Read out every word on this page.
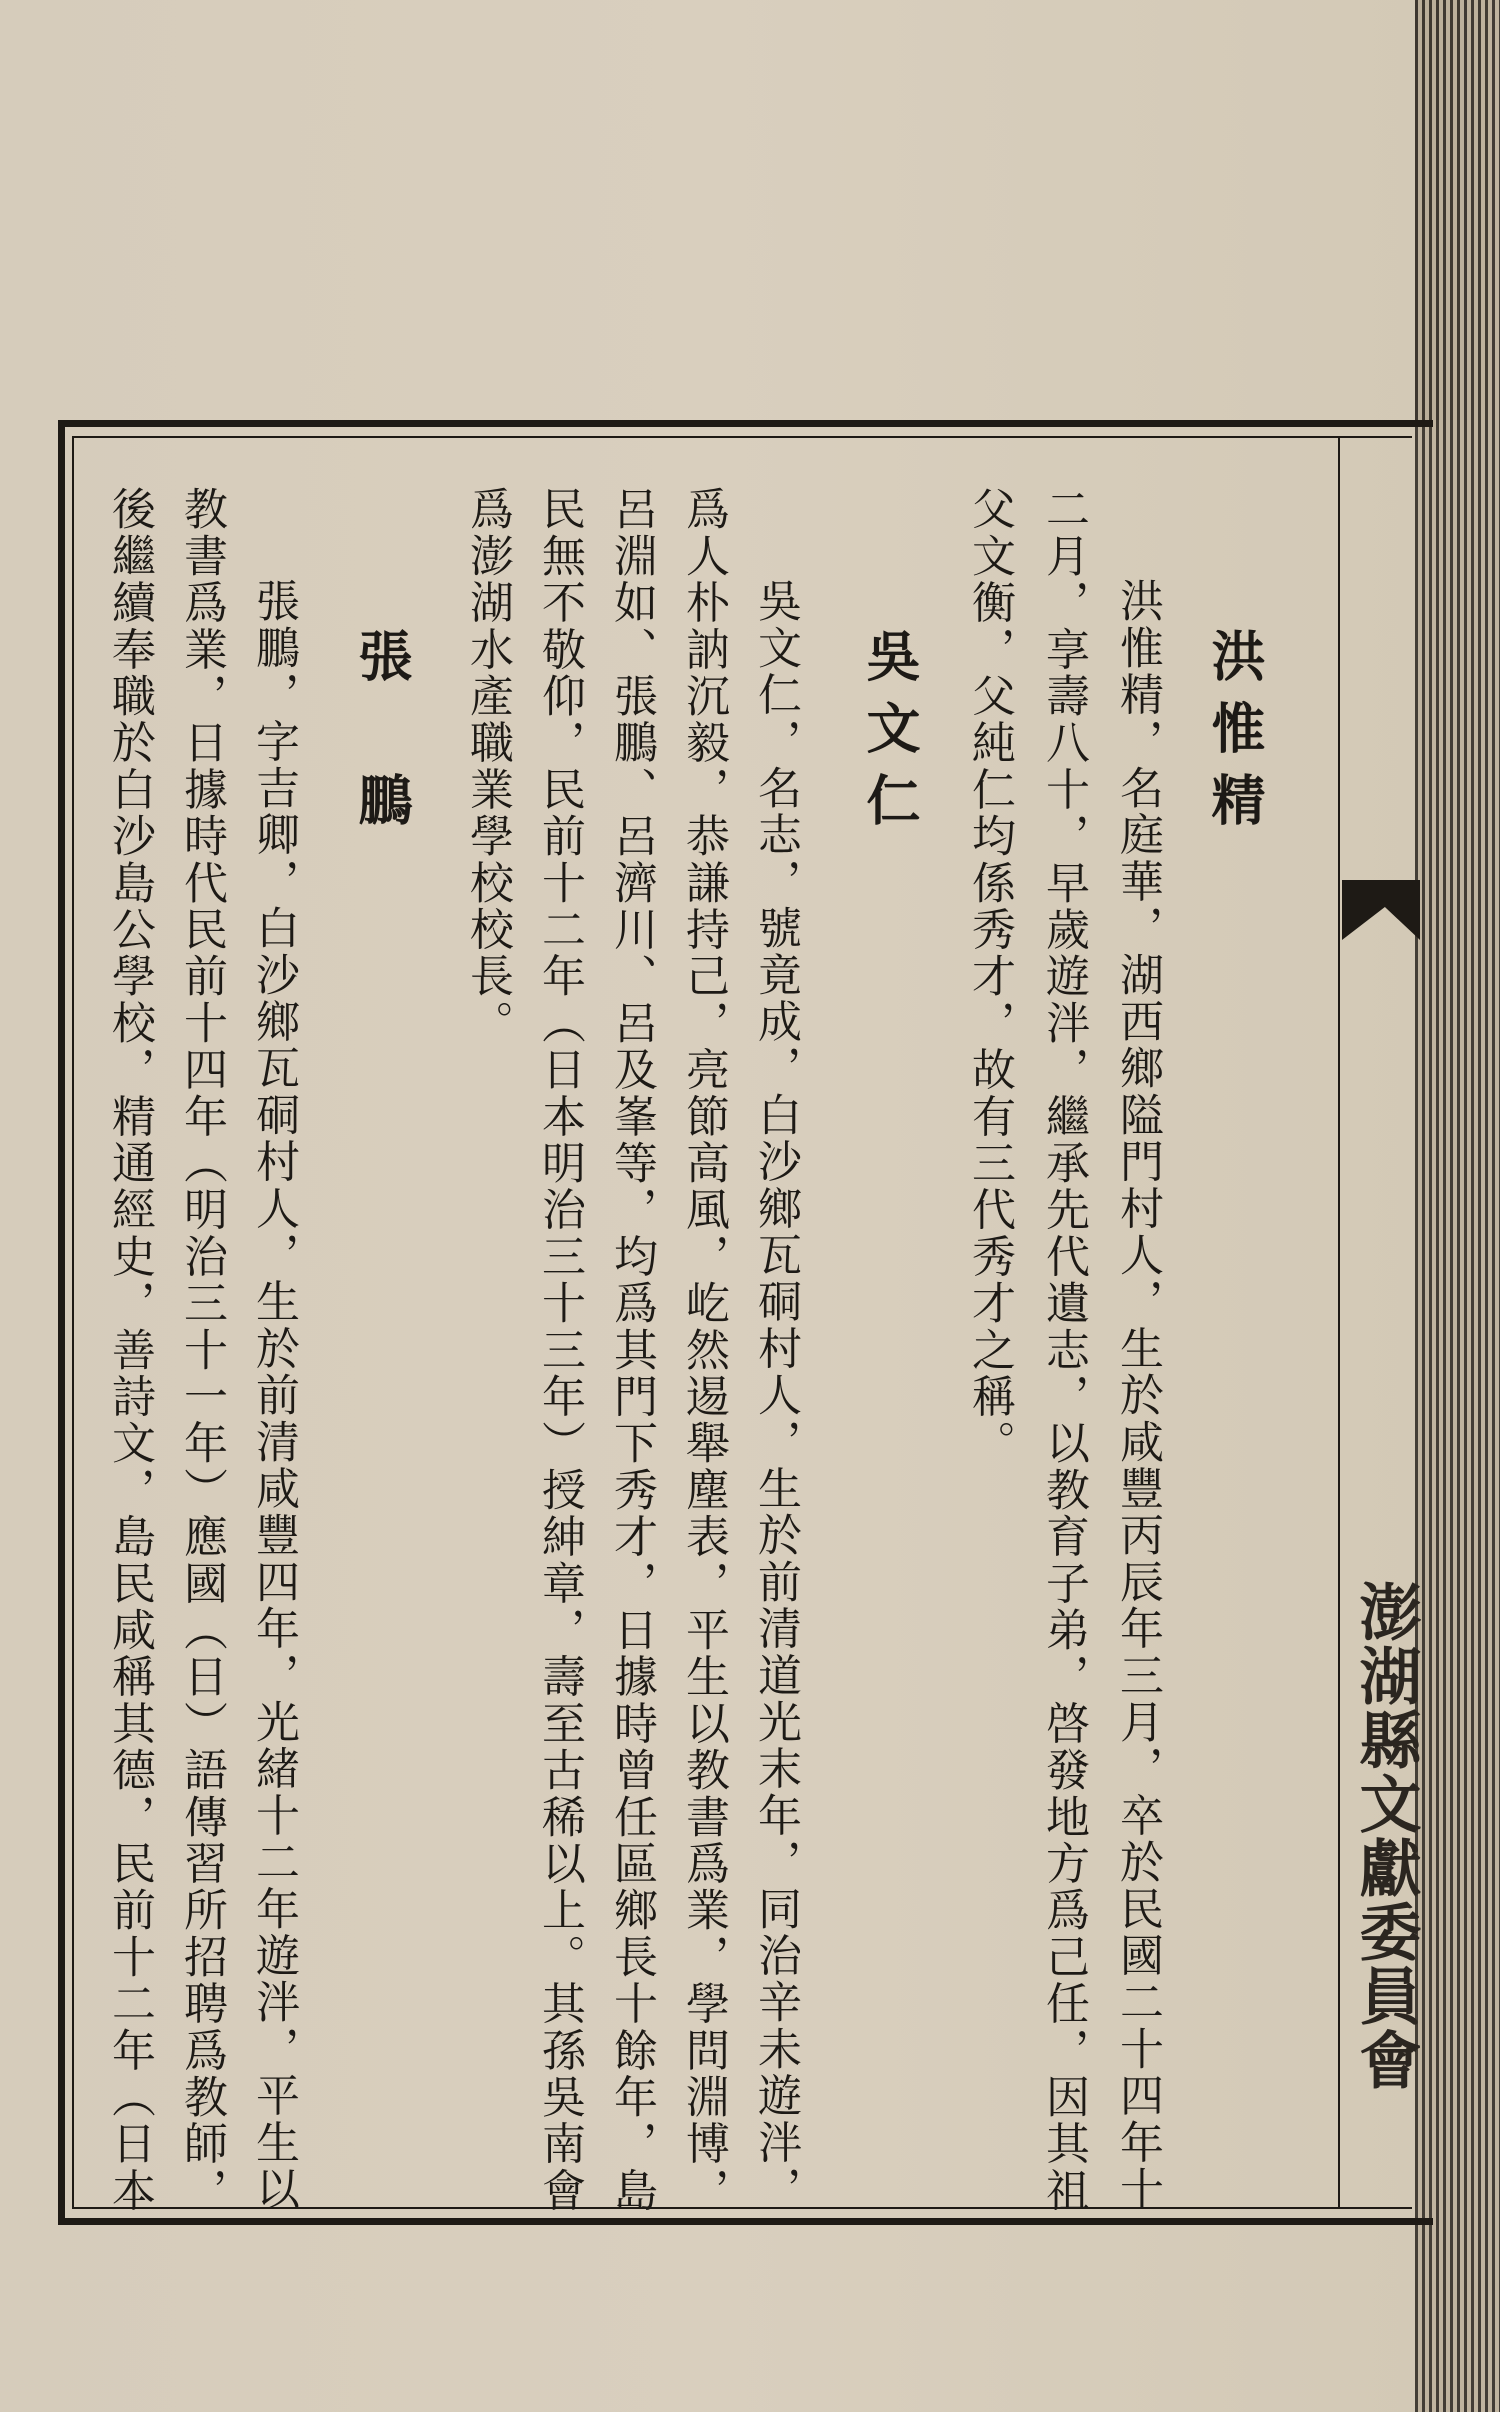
澎湖縣文獻委員會
洪惟精
洪惟精，名庭華，湖西鄉隘門村人，生於咸豐丙辰年三月，卒於民國二十四年十
二月，享壽八十，早歲遊泮，繼承先代遺志，以教育子弟，啓發地方爲己任，因其祖
父文衡，父純仁均係秀才，故有三代秀才之稱。
吳文仁
吳文仁，名志，號竟成，白沙鄉瓦硐村人，生於前清道光末年，同治辛未遊泮，
爲人朴訥沉毅，恭謙持己，亮節高風，屹然逷舉塵表，平生以教書爲業，學問淵博，
呂淵如、張鵬、呂濟川、呂及峯等，均爲其門下秀才，日據時曾任區鄉長十餘年，島
民無不敬仰，民前十二年（日本明治三十三年）授紳章，壽至古稀以上。其孫吳南會
爲澎湖水產職業學校校長。
張鵬
張鵬，字吉卿，白沙鄉瓦硐村人，生於前清咸豐四年，光緒十二年遊泮，平生以
教書爲業，日據時代民前十四年（明治三十一年）應國（日）語傳習所招聘爲教師，
後繼續奉職於白沙島公學校，精通經史，善詩文，島民咸稱其德，民前十二年（日本
